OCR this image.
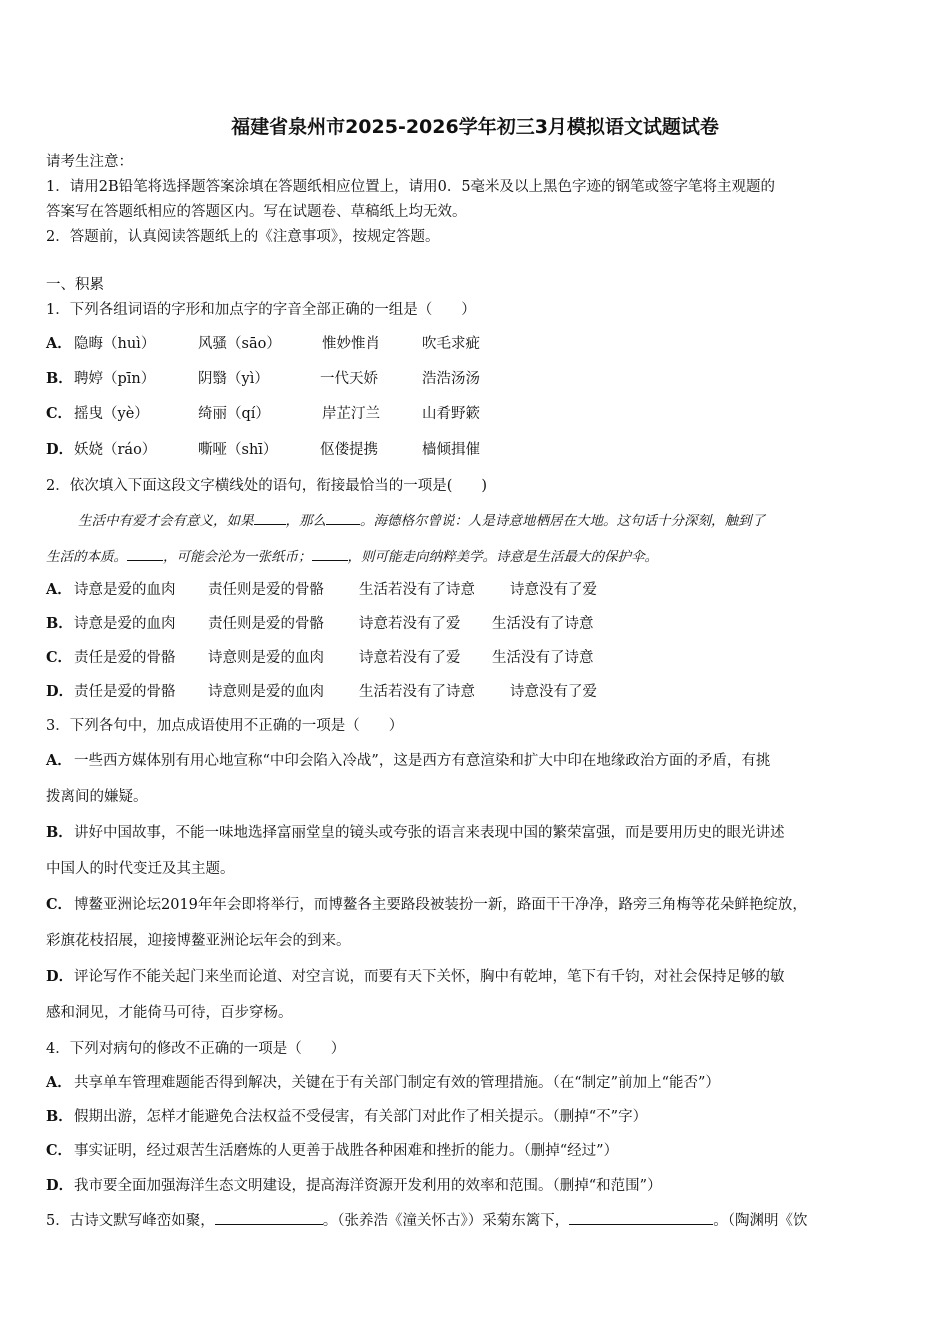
福建省泉州市2025-2026学年初三3月模拟语文试题试卷
请考生注意：
1．请用2B铅笔将选择题答案涂填在答题纸相应位置上，请用0．5毫米及以上黑色字迹的钢笔或签字笔将主观题的
答案写在答题纸相应的答题区内。写在试题卷、草稿纸上均无效。
2．答题前，认真阅读答题纸上的《注意事项》，按规定答题。
一、积累
1．下列各组词语的字形和加点字的字音全部正确的一组是（　　）
A． 隐晦（huì）	风骚（sāo）	惟妙惟肖	吹毛求疵
B．聘婷（pīn）	阴翳（yì）	一代天娇	浩浩汤汤
C． 摇曳（yè）	绮丽（qí）	岸芷汀兰	山肴野簌
D．妖娆（ráo）	嘶哑（shī）	伛偻提携	樯倾揖催
2．依次填入下面这段文字横线处的语句，衔接最恰当的一项是(　　)
生活中有爱才会有意义，如果 ，那么	。海德格尔曾说：人是诗意地栖居在大地。这句话十分深刻，触到了
生活的本质。	，可能会沦为一张纸币；	，则可能走向纳粹美学。诗意是生活最大的保护伞。
A． 诗意是爱的血肉 责任则是爱的骨骼 生活若没有了诗意 诗意没有了爱
B．诗意是爱的血肉 责任则是爱的骨骼 诗意若没有了爱 生活没有了诗意
C． 责任是爱的骨骼 诗意则是爱的血肉 诗意若没有了爱 生活没有了诗意
D．责任是爱的骨骼 诗意则是爱的血肉 生活若没有了诗意 诗意没有了爱
3．下列各句中，加点成语使用不正确的一项是（　　）
A． 一些西方媒体别有用心地宣称“中印会陷入冷战”，这是西方有意渲染和扩大中印在地缘政治方面的矛盾，有挑
拨离间的嫌疑。
B．讲好中国故事，不能一味地选择富丽堂皇的镜头或夸张的语言来表现中国的繁荣富强，而是要用历史的眼光讲述
中国人的时代变迁及其主题。
C． 博鳌亚洲论坛2019年年会即将举行，而博鳌各主要路段被装扮一新，路面干干净净，路旁三角梅等花朵鲜艳绽放，
彩旗花枝招展，迎接博鳌亚洲论坛年会的到来。
D．评论写作不能关起门来坐而论道、对空言说，而要有天下关怀，胸中有乾坤，笔下有千钧，对社会保持足够的敏
感和洞见，才能倚马可待，百步穿杨。
4．下列对病句的修改不正确的一项是（　　）
A． 共享单车管理难题能否得到解决，关键在于有关部门制定有效的管理措施。（在“制定”前加上“能否”）
B．假期出游，怎样才能避免合法权益不受侵害，有关部门对此作了相关提示。（删掉“不”字）
C． 事实证明，经过艰苦生活磨炼的人更善于战胜各种困难和挫折的能力。（删掉“经过”）
D．我市要全面加强海洋生态文明建设，提高海洋资源开发利用的效率和范围。（删掉“和范围”）
5．古诗文默写峰峦如聚，	。（张养浩《潼关怀古》）采菊东篱下，	。（陶渊明《饮
